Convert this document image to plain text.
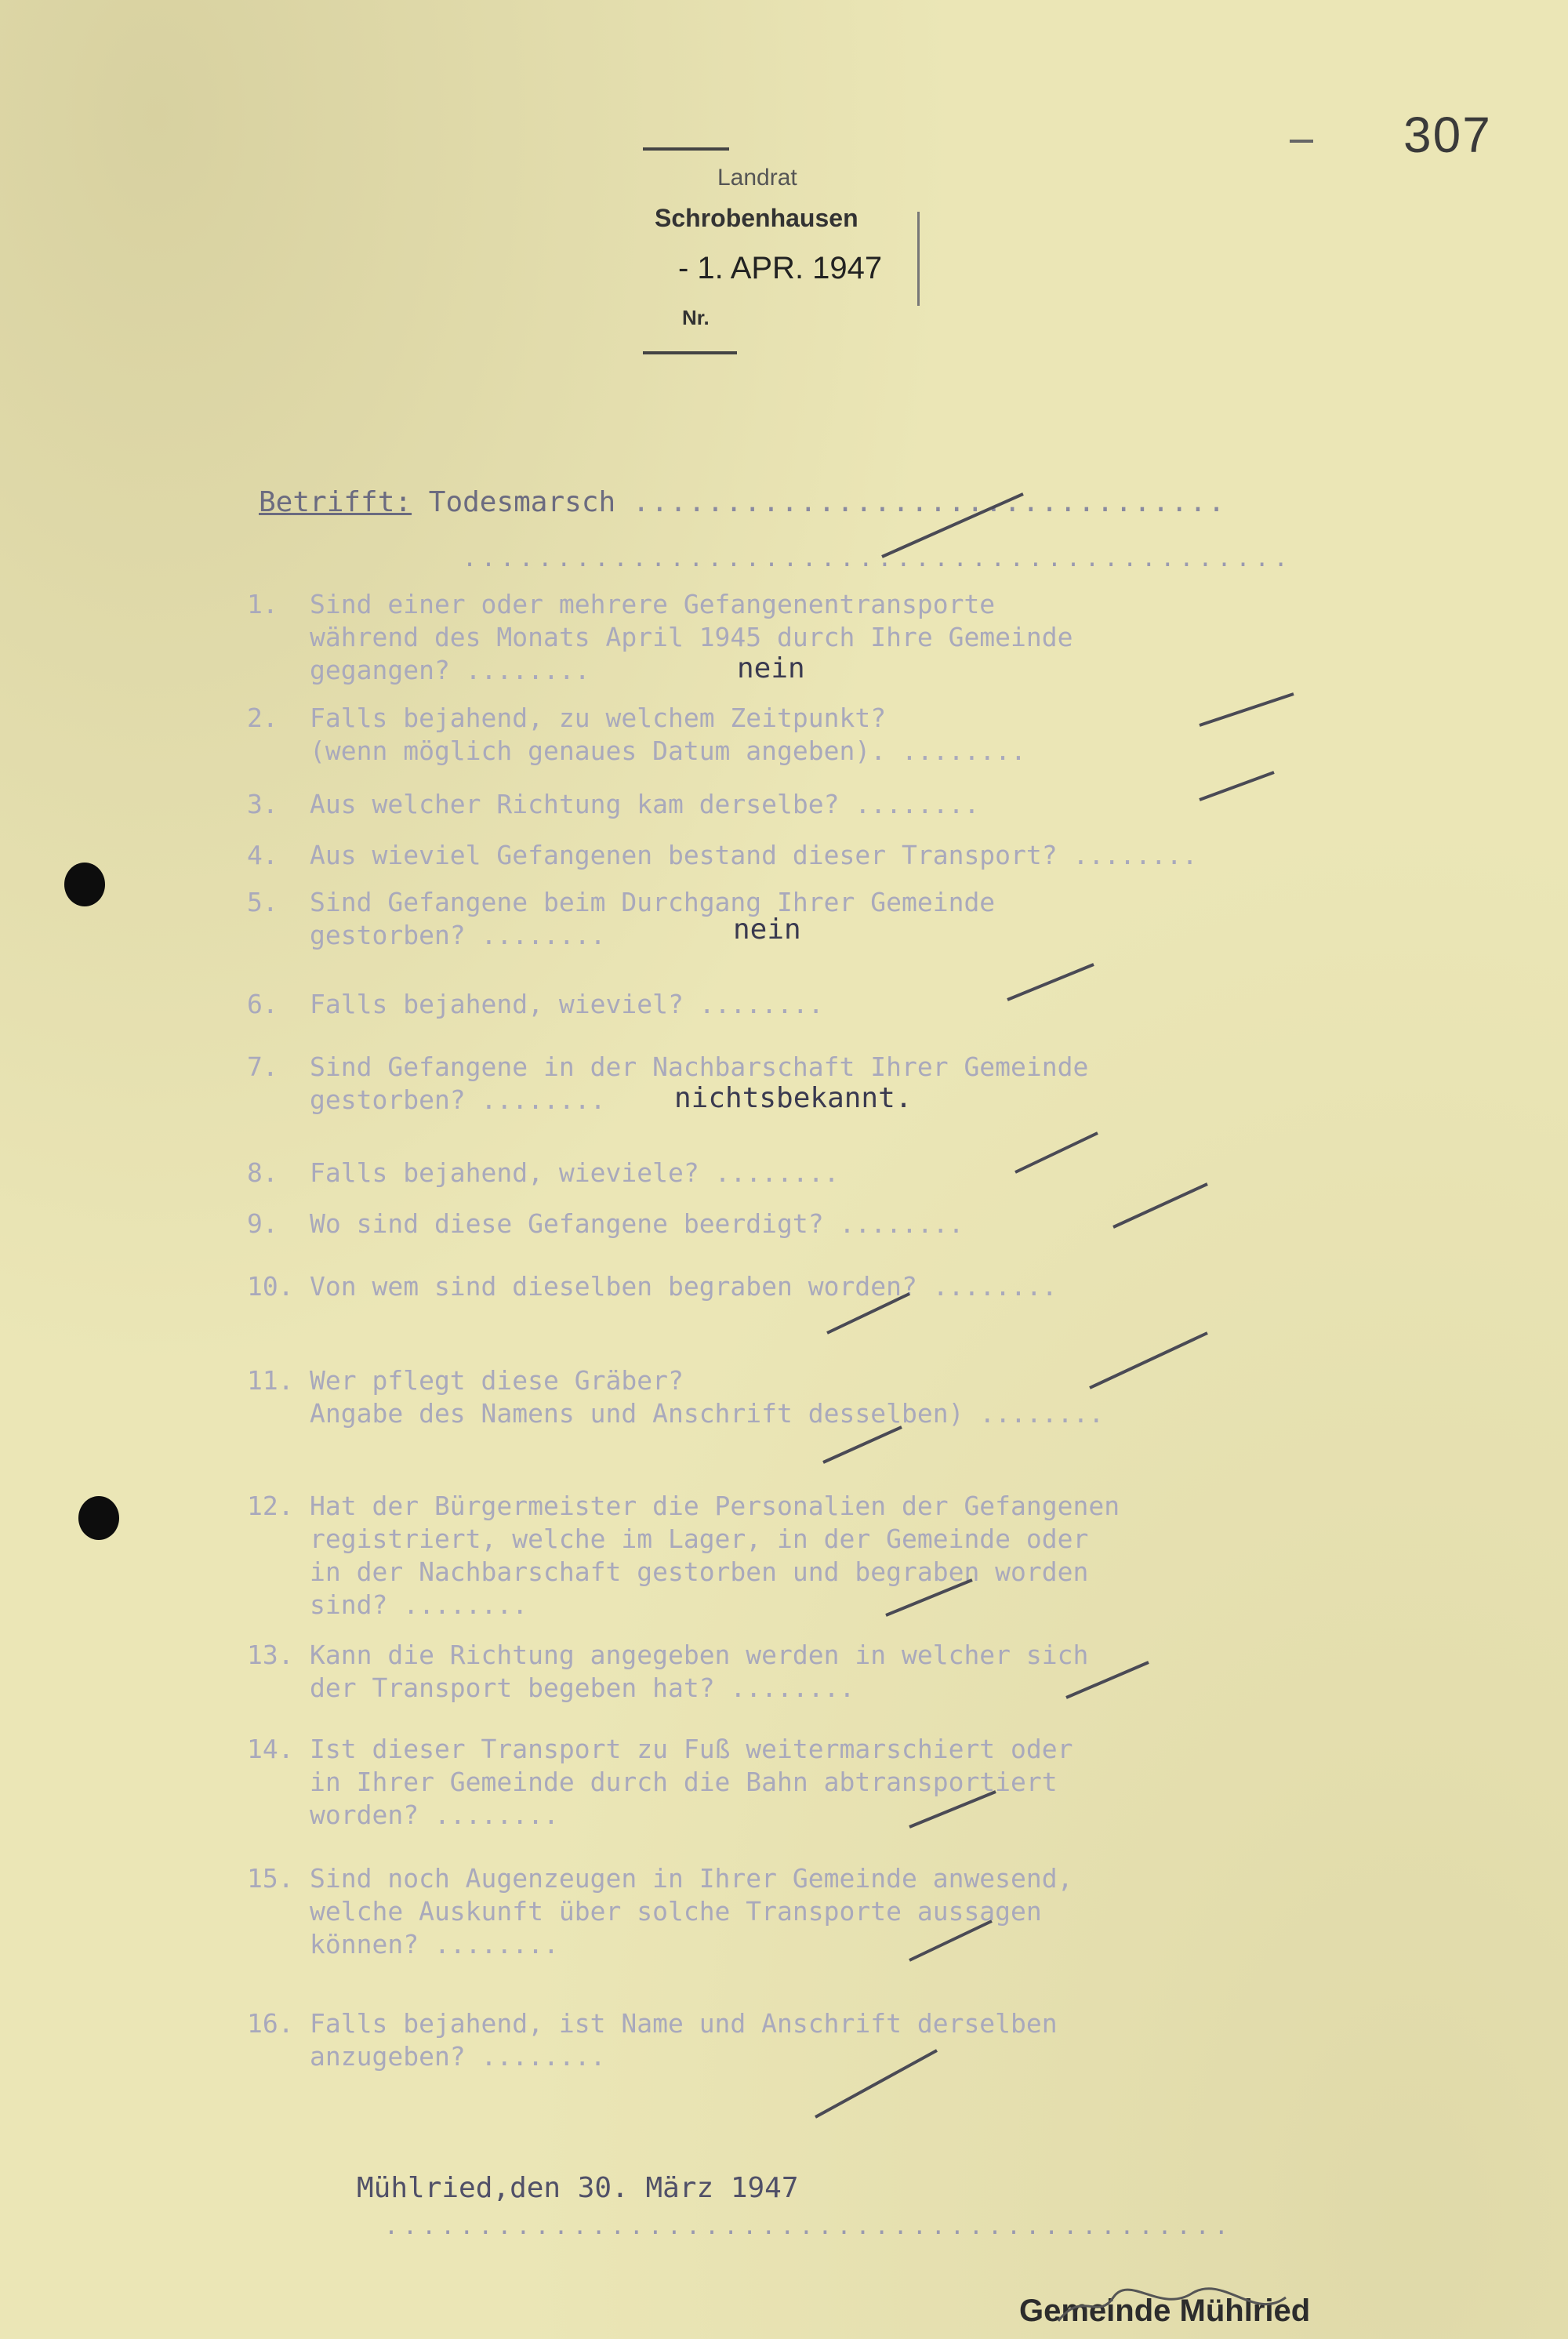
307
Landrat
Schrobenhausen
- 1. APR. 1947
Nr.
Betrifft: Todesmarsch ................................
............................................
1. Sind einer oder mehrere Gefangenentransporte
während des Monats April 1945 durch Ihre Gemeinde
gegangen? ........	nein
2. Falls bejahend, zu welchem Zeitpunkt?
(wenn möglich genaues Datum angeben). ........
3. Aus welcher Richtung kam derselbe? ........
4. Aus wieviel Gefangenen bestand dieser Transport? ........
5. Sind Gefangene beim Durchgang Ihrer Gemeinde
gestorben? ........	nein
6. Falls bejahend, wieviel? ........
7. Sind Gefangene in der Nachbarschaft Ihrer Gemeinde
gestorben? ........	nichtsbekannt.
8. Falls bejahend, wieviele? ........
9. Wo sind diese Gefangene beerdigt? ........
10. Von wem sind dieselben begraben worden? ........
11. Wer pflegt diese Gräber?
Angabe des Namens und Anschrift desselben) ........
12. Hat der Bürgermeister die Personalien der Gefangenen
registriert, welche im Lager, in der Gemeinde oder
in der Nachbarschaft gestorben und begraben worden
sind? ........
13. Kann die Richtung angegeben werden in welcher sich
der Transport begeben hat? ........
14. Ist dieser Transport zu Fuß weitermarschiert oder
in Ihrer Gemeinde durch die Bahn abtransportiert
worden? ........
15. Sind noch Augenzeugen in Ihrer Gemeinde anwesend,
welche Auskunft über solche Transporte aussagen
können? ........
16. Falls bejahend, ist Name und Anschrift derselben
anzugeben? ........
Mühlried,den 30. März 1947
.............................................
Gemeinde Mühlried
